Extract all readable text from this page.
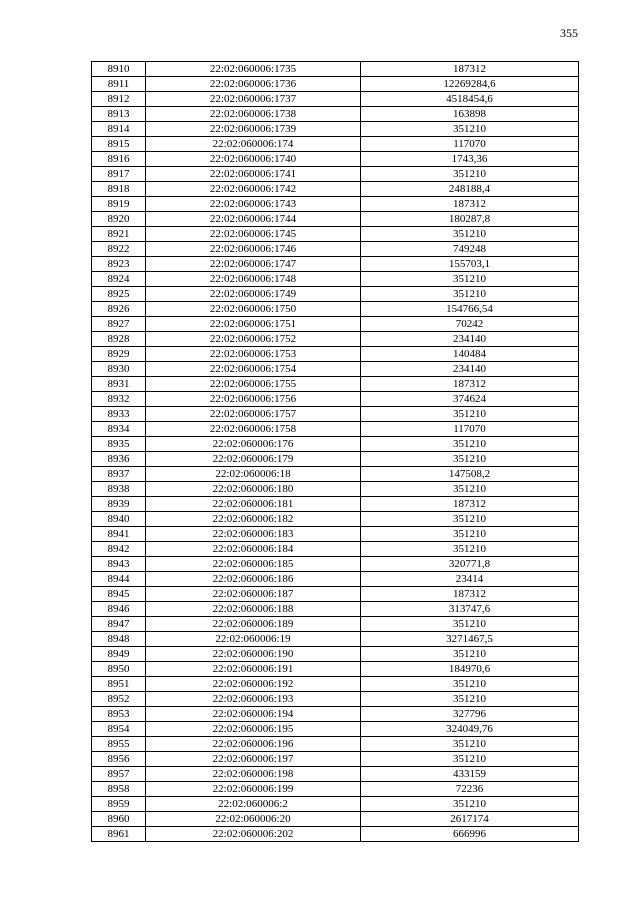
355
8910	22:02:060006:1735	187312
8911	22:02:060006:1736	12269284,6
8912	22:02:060006:1737	4518454,6
8913	22:02:060006:1738	163898
8914	22:02:060006:1739	351210
8915	22:02:060006:174	117070
8916	22:02:060006:1740	1743,36
8917	22:02:060006:1741	351210
8918	22:02:060006:1742	248188,4
8919	22:02:060006:1743	187312
8920	22:02:060006:1744	180287,8
8921	22:02:060006:1745	351210
8922	22:02:060006:1746	749248
8923	22:02:060006:1747	155703,1
8924	22:02:060006:1748	351210
8925	22:02:060006:1749	351210
8926	22:02:060006:1750	154766,54
8927	22:02:060006:1751	70242
8928	22:02:060006:1752	234140
8929	22:02:060006:1753	140484
8930	22:02:060006:1754	234140
8931	22:02:060006:1755	187312
8932	22:02:060006:1756	374624
8933	22:02:060006:1757	351210
8934	22:02:060006:1758	117070
8935	22:02:060006:176	351210
8936	22:02:060006:179	351210
8937	22:02:060006:18	147508,2
8938	22:02:060006:180	351210
8939	22:02:060006:181	187312
8940	22:02:060006:182	351210
8941	22:02:060006:183	351210
8942	22:02:060006:184	351210
8943	22:02:060006:185	320771,8
8944	22:02:060006:186	23414
8945	22:02:060006:187	187312
8946	22:02:060006:188	313747,6
8947	22:02:060006:189	351210
8948	22:02:060006:19	3271467,5
8949	22:02:060006:190	351210
8950	22:02:060006:191	184970,6
8951	22:02:060006:192	351210
8952	22:02:060006:193	351210
8953	22:02:060006:194	327796
8954	22:02:060006:195	324049,76
8955	22:02:060006:196	351210
8956	22:02:060006:197	351210
8957	22:02:060006:198	433159
8958	22:02:060006:199	72236
8959	22:02:060006:2	351210
8960	22:02:060006:20	2617174
8961	22:02:060006:202	666996
